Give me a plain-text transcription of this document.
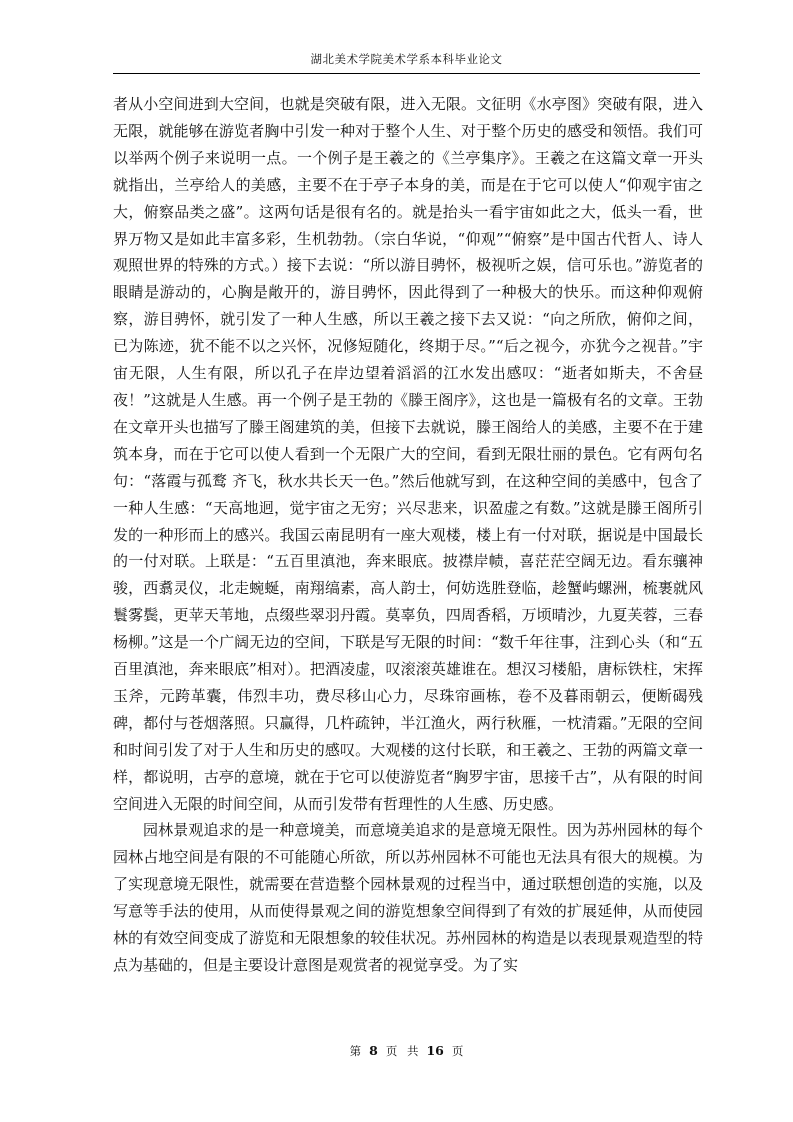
湖北美术学院美术学系本科毕业论文

者从小空间进到大空间，也就是突破有限，进入无限。文征明《水亭图》突破有限，进入无限，就能够在游览者胸中引发一种对于整个人生、对于整个历史的感受和领悟。我们可以举两个例子来说明一点。一个例子是王羲之的《兰亭集序》。王羲之在这篇文章一开头就指出，兰亭给人的美感，主要不在于亭子本身的美，而是在于它可以使人“仰观宇宙之大，俯察品类之盛”。这两句话是很有名的。就是抬头一看宇宙如此之大，低头一看，世界万物又是如此丰富多彩，生机勃勃。（宗白华说，“仰观”“俯察”是中国古代哲人、诗人观照世界的特殊的方式。）接下去说：“所以游目骋怀，极视听之娱，信可乐也。”游览者的眼睛是游动的，心胸是敞开的，游目骋怀，因此得到了一种极大的快乐。而这种仰观俯察，游目骋怀，就引发了一种人生感，所以王羲之接下去又说：“向之所欣，俯仰之间，已为陈迹，犹不能不以之兴怀，况修短随化，终期于尽。”“后之视今，亦犹今之视昔。”宇宙无限，人生有限，所以孔子在岸边望着滔滔的江水发出感叹：“逝者如斯夫，不舍昼夜！”这就是人生感。再一个例子是王勃的《滕王阁序》，这也是一篇极有名的文章。王勃在文章开头也描写了滕王阁建筑的美，但接下去就说，滕王阁给人的美感，主要不在于建筑本身，而在于它可以使人看到一个无限广大的空间，看到无限壮丽的景色。它有两句名句：“落霞与孤鹜 齐飞，秋水共长天一色。”然后他就写到，在这种空间的美感中，包含了一种人生感：“天高地迥，觉宇宙之无穷；兴尽悲来，识盈虚之有数。”这就是滕王阁所引发的一种形而上的感兴。我国云南昆明有一座大观楼，楼上有一付对联，据说是中国最长的一付对联。上联是：“五百里滇池，奔来眼底。披襟岸帻，喜茫茫空阔无边。看东骧神骏，西翥灵仪，北走蜿蜒，南翔缟素，高人韵士，何妨选胜登临，趁蟹屿螺洲，梳裹就风鬟雾鬓，更苹天苇地，点缀些翠羽丹霞。莫辜负，四周香稻，万顷晴沙，九夏芙蓉，三春杨柳。”这是一个广阔无边的空间，下联是写无限的时间：“数千年往事，注到心头（和“五百里滇池，奔来眼底”相对）。把酒凌虚，叹滚滚英雄谁在。想汉习楼船，唐标铁柱，宋挥玉斧，元跨革囊，伟烈丰功，费尽移山心力，尽珠帘画栋，卷不及暮雨朝云，便断碣残碑，都付与苍烟落照。只赢得，几杵疏钟，半江渔火，两行秋雁，一枕清霜。”无限的空间和时间引发了对于人生和历史的感叹。大观楼的这付长联，和王羲之、王勃的两篇文章一样，都说明，古亭的意境，就在于它可以使游览者“胸罗宇宙，思接千古”，从有限的时间空间进入无限的时间空间，从而引发带有哲理性的人生感、历史感。

园林景观追求的是一种意境美，而意境美追求的是意境无限性。因为苏州园林的每个园林占地空间是有限的不可能随心所欲，所以苏州园林不可能也无法具有很大的规模。为了实现意境无限性，就需要在营造整个园林景观的过程当中，通过联想创造的实施，以及写意等手法的使用，从而使得景观之间的游览想象空间得到了有效的扩展延伸，从而使园林的有效空间变成了游览和无限想象的较佳状况。苏州园林的构造是以表现景观造型的特点为基础的，但是主要设计意图是观赏者的视觉享受。为了实

第 8 页 共 16 页
